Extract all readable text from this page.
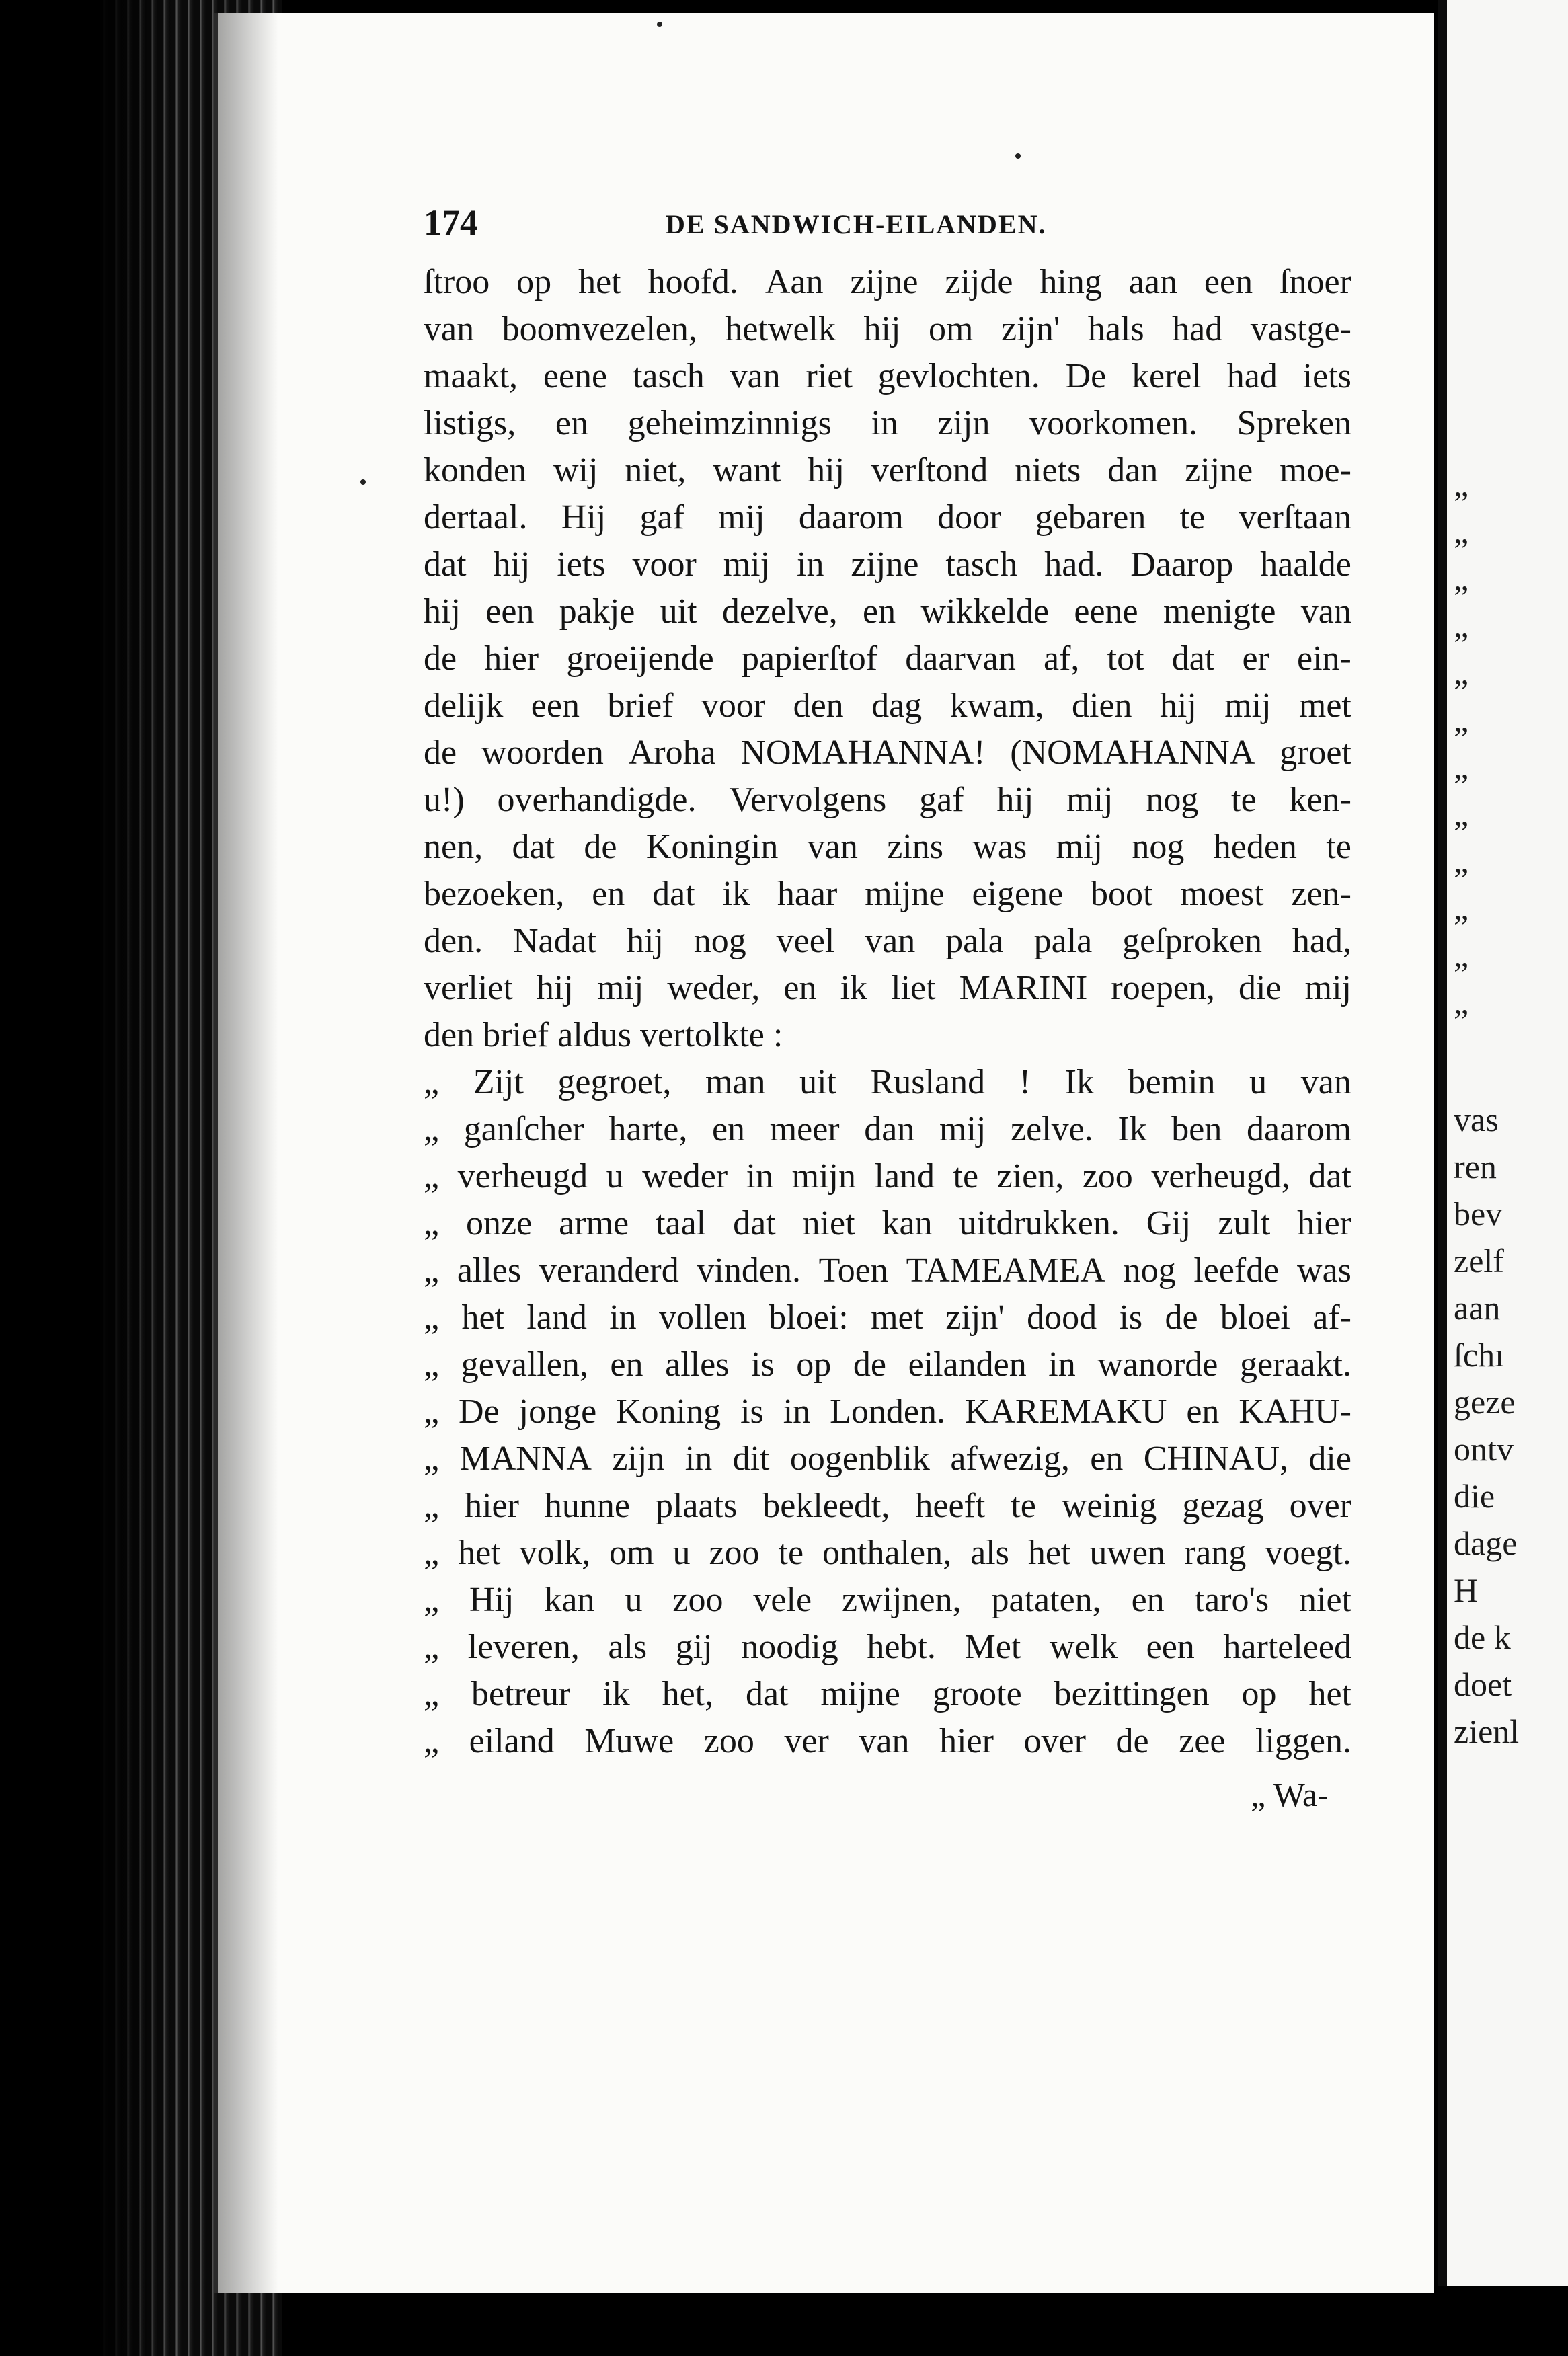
174	DE SANDWICH-EILANDEN.
ſtroo op het hoofd. Aan zijne zijde hing aan een ſnoer
van boomvezelen, hetwelk hij om zijn' hals had vastge-
maakt, eene tasch van riet gevlochten. De kerel had iets
listigs, en geheimzinnigs in zijn voorkomen. Spreken
konden wij niet, want hij verſtond niets dan zijne moe-
dertaal. Hij gaf mij daarom door gebaren te verſtaan
dat hij iets voor mij in zijne tasch had. Daarop haalde
hij een pakje uit dezelve, en wikkelde eene menigte van
de hier groeijende papierſtof daarvan af, tot dat er ein-
delijk een brief voor den dag kwam, dien hij mij met
de woorden Aroha NOMAHANNA! (NOMAHANNA groet
u!) overhandigde. Vervolgens gaf hij mij nog te ken-
nen, dat de Koningin van zins was mij nog heden te
bezoeken, en dat ik haar mijne eigene boot moest zen-
den. Nadat hij nog veel van pala pala geſproken had,
verliet hij mij weder, en ik liet MARINI roepen, die mij
den brief aldus vertolkte :
„ Zijt gegroet, man uit Rusland ! Ik bemin u van
„ ganſcher harte, en meer dan mij zelve. Ik ben daarom
„ verheugd u weder in mijn land te zien, zoo verheugd, dat
„ onze arme taal dat niet kan uitdrukken. Gij zult hier
„ alles veranderd vinden. Toen TAMEAMEA nog leefde was
„ het land in vollen bloei: met zijn' dood is de bloei af-
„ gevallen, en alles is op de eilanden in wanorde geraakt.
„ De jonge Koning is in Londen. KAREMAKU en KAHU-
„ MANNA zijn in dit oogenblik afwezig, en CHINAU, die
„ hier hunne plaats bekleedt, heeft te weinig gezag over
„ het volk, om u zoo te onthalen, als het uwen rang voegt.
„ Hij kan u zoo vele zwijnen, pataten, en taro's niet
„ leveren, als gij noodig hebt. Met welk een harteleed
„ betreur ik het, dat mijne groote bezittingen op het
„ eiland Muwe zoo ver van hier over de zee liggen.
„ Wa-
„
„
„
„
„
„
„
„
„
„
„
„
vas
ren
bev
zelf
aan
ſchı
geze
ontv
die
dage
H
de k
doet
zienl
